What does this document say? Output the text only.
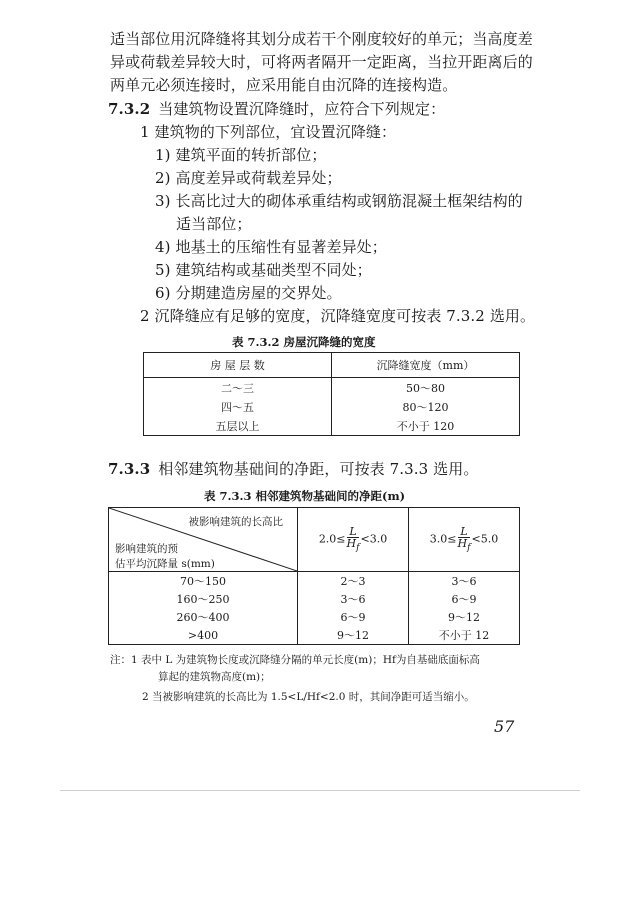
适当部位用沉降缝将其划分成若干个刚度较好的单元；当高度差
异或荷载差异较大时，可将两者隔开一定距离，当拉开距离后的
两单元必须连接时，应采用能自由沉降的连接构造。
7.3.2 当建筑物设置沉降缝时，应符合下列规定：
1 建筑物的下列部位，宜设置沉降缝：
1) 建筑平面的转折部位；
2) 高度差异或荷载差异处；
3) 长高比过大的砌体承重结构或钢筋混凝土框架结构的
适当部位；
4) 地基土的压缩性有显著差异处；
5) 建筑结构或基础类型不同处；
6) 分期建造房屋的交界处。
2 沉降缝应有足够的宽度，沉降缝宽度可按表 7.3.2 选用。
表 7.3.2 房屋沉降缝的宽度
房 屋 层 数	沉降缝宽度（mm）
二～三	50～80
四～五	80～120
五层以上	不小于 120
7.3.3 相邻建筑物基础间的净距，可按表 7.3.3 选用。
表 7.3.3 相邻建筑物基础间的净距(m)
被影响建筑的长高比
影响建筑的预
估平均沉降量 s(mm)	$2.0\le \frac{L}{H_f} <3.0$	$3.0\le \frac{L}{H_f} <5.0$
70～150	2～3	3～6
160～250	3～6	6～9
260～400	6～9	9～12
>400	9～12	不小于 12
注：1 表中 L 为建筑物长度或沉降缝分隔的单元长度(m)；Hf为自基础底面标高
算起的建筑物高度(m)；
2 当被影响建筑的长高比为 1.5<L/Hf<2.0 时，其间净距可适当缩小。
57
